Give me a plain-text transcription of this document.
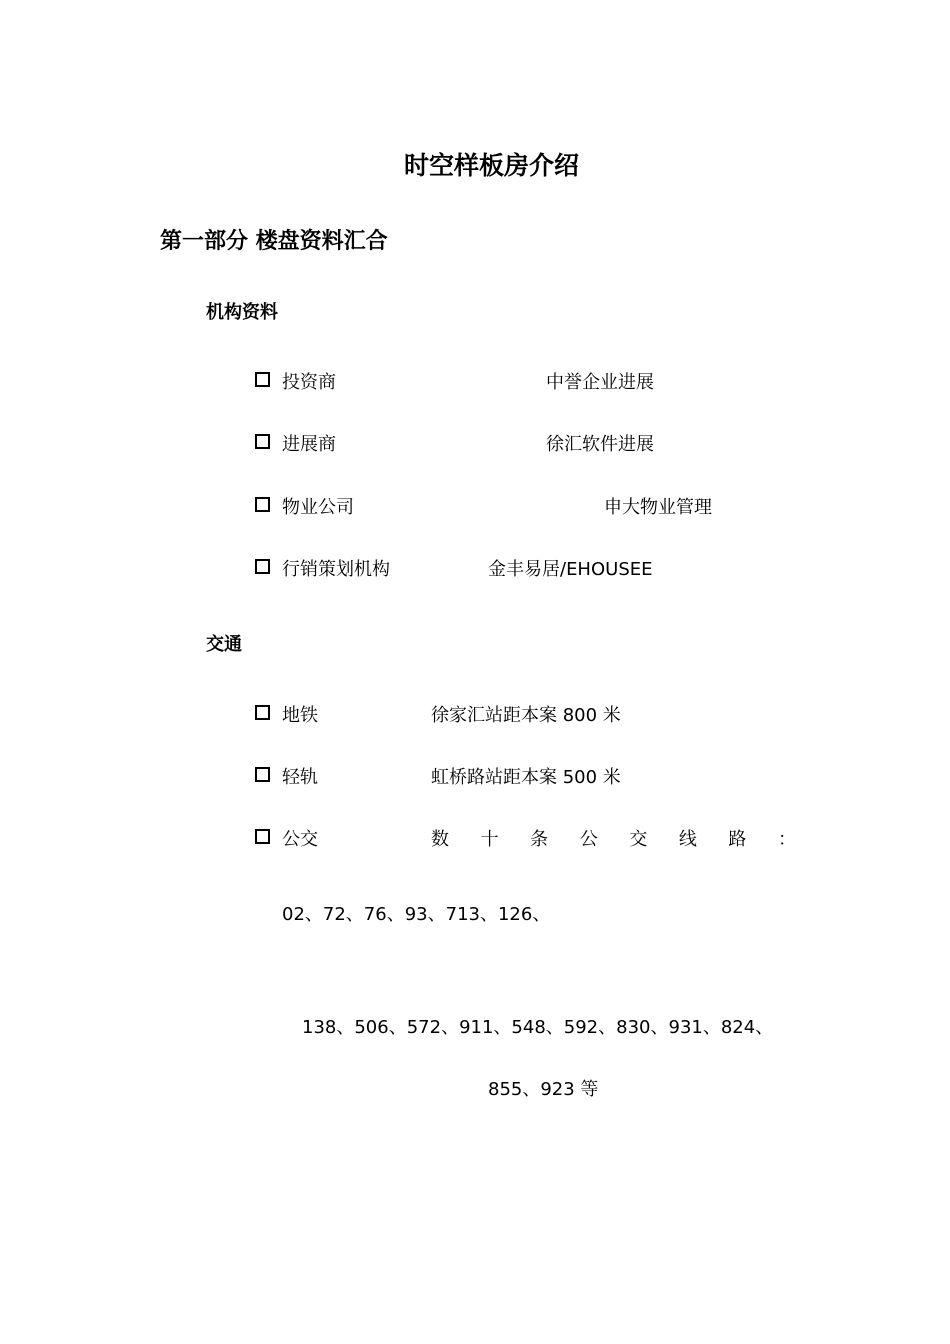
时空样板房介绍
第一部分 楼盘资料汇合
机构资料
投资商	中誉企业进展
进展商	徐汇软件进展
物业公司	申大物业管理
行销策划机构	金丰易居/EHOUSEE
交通
地铁	徐家汇站距本案 800 米
轻轨	虹桥路站距本案 500 米
公交	数 十 条 公 交 线 路 ：
02、72、76、93、713、126、
138、506、572、911、548、592、830、931、824、
855、923 等
